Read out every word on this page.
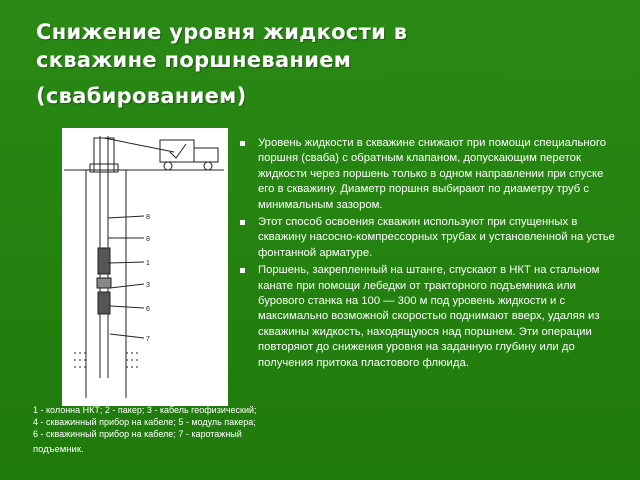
Снижение уровня жидкости в
скважине поршневанием

(свабированием)
8
8
1
3
6
7
1 - колонна НКТ; 2 - пакер; 3 - кабель геофизический; 4 - скважинный прибор на кабеле; 5 - модуль пакера; 6 - скважинный прибор на кабеле; 7 - каротажный
подъемник.
Уровень жидкости в скважине снижают при помощи специального поршня (сваба) с обратным клапаном, допускающим переток жидкости через поршень только в одном направлении при спуске его в скважину. Диаметр поршня выбирают по диаметру труб с минимальным зазором.
Этот способ освоения скважин используют при спущенных в скважину насосно-компрессорных трубах и установленной на устье фонтанной арматуре.
Поршень, закрепленный на штанге, спускают в НКТ на стальном канате при помощи лебедки от тракторного подъемника или бурового станка на 100 — 300 м под уровень жидкости и с максимально возможной скоростью поднимают вверх, удаляя из скважины жидкость, находящуюся над поршнем. Эти операции повторяют до снижения уровня на заданную глубину или до получения притока пластового флюида.
